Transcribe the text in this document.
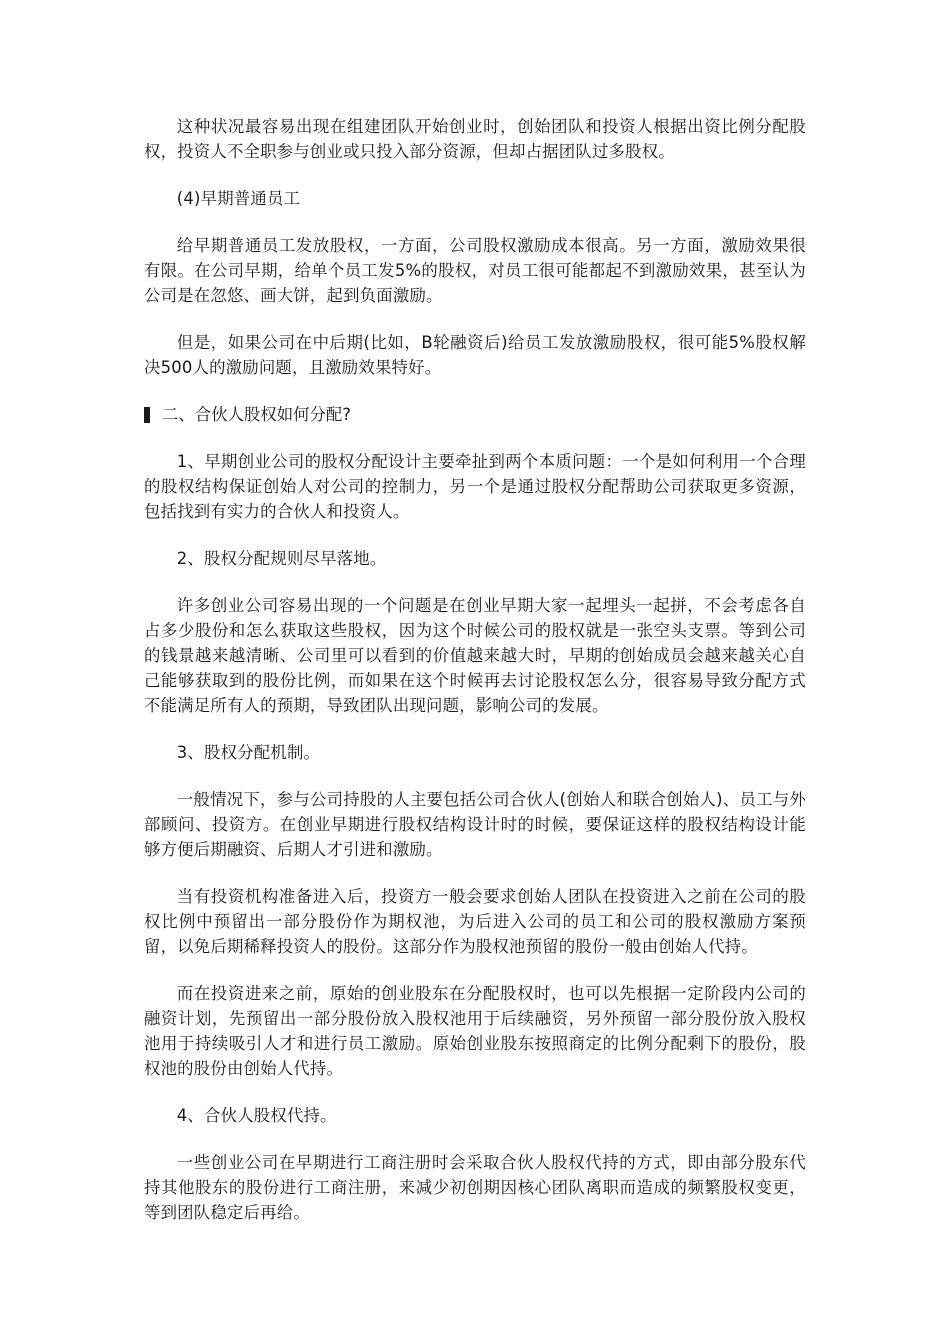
这种状况最容易出现在组建团队开始创业时，创始团队和投资人根据出资比例分配股权，投资人不全职参与创业或只投入部分资源，但却占据团队过多股权。

(4)早期普通员工

给早期普通员工发放股权，一方面，公司股权激励成本很高。另一方面，激励效果很有限。在公司早期，给单个员工发5%的股权，对员工很可能都起不到激励效果，甚至认为公司是在忽悠、画大饼，起到负面激励。

但是，如果公司在中后期(比如，B轮融资后)给员工发放激励股权，很可能5%股权解决500人的激励问题，且激励效果特好。

二、合伙人股权如何分配?

1、早期创业公司的股权分配设计主要牵扯到两个本质问题：一个是如何利用一个合理的股权结构保证创始人对公司的控制力，另一个是通过股权分配帮助公司获取更多资源，包括找到有实力的合伙人和投资人。

2、股权分配规则尽早落地。

许多创业公司容易出现的一个问题是在创业早期大家一起埋头一起拼，不会考虑各自占多少股份和怎么获取这些股权，因为这个时候公司的股权就是一张空头支票。等到公司的钱景越来越清晰、公司里可以看到的价值越来越大时，早期的创始成员会越来越关心自己能够获取到的股份比例，而如果在这个时候再去讨论股权怎么分，很容易导致分配方式不能满足所有人的预期，导致团队出现问题，影响公司的发展。

3、股权分配机制。

一般情况下，参与公司持股的人主要包括公司合伙人(创始人和联合创始人)、员工与外部顾问、投资方。在创业早期进行股权结构设计时的时候，要保证这样的股权结构设计能够方便后期融资、后期人才引进和激励。

当有投资机构准备进入后，投资方一般会要求创始人团队在投资进入之前在公司的股权比例中预留出一部分股份作为期权池，为后进入公司的员工和公司的股权激励方案预留，以免后期稀释投资人的股份。这部分作为股权池预留的股份一般由创始人代持。

而在投资进来之前，原始的创业股东在分配股权时，也可以先根据一定阶段内公司的融资计划，先预留出一部分股份放入股权池用于后续融资，另外预留一部分股份放入股权池用于持续吸引人才和进行员工激励。原始创业股东按照商定的比例分配剩下的股份，股权池的股份由创始人代持。

4、合伙人股权代持。

一些创业公司在早期进行工商注册时会采取合伙人股权代持的方式，即由部分股东代持其他股东的股份进行工商注册，来减少初创期因核心团队离职而造成的频繁股权变更，等到团队稳定后再给。
